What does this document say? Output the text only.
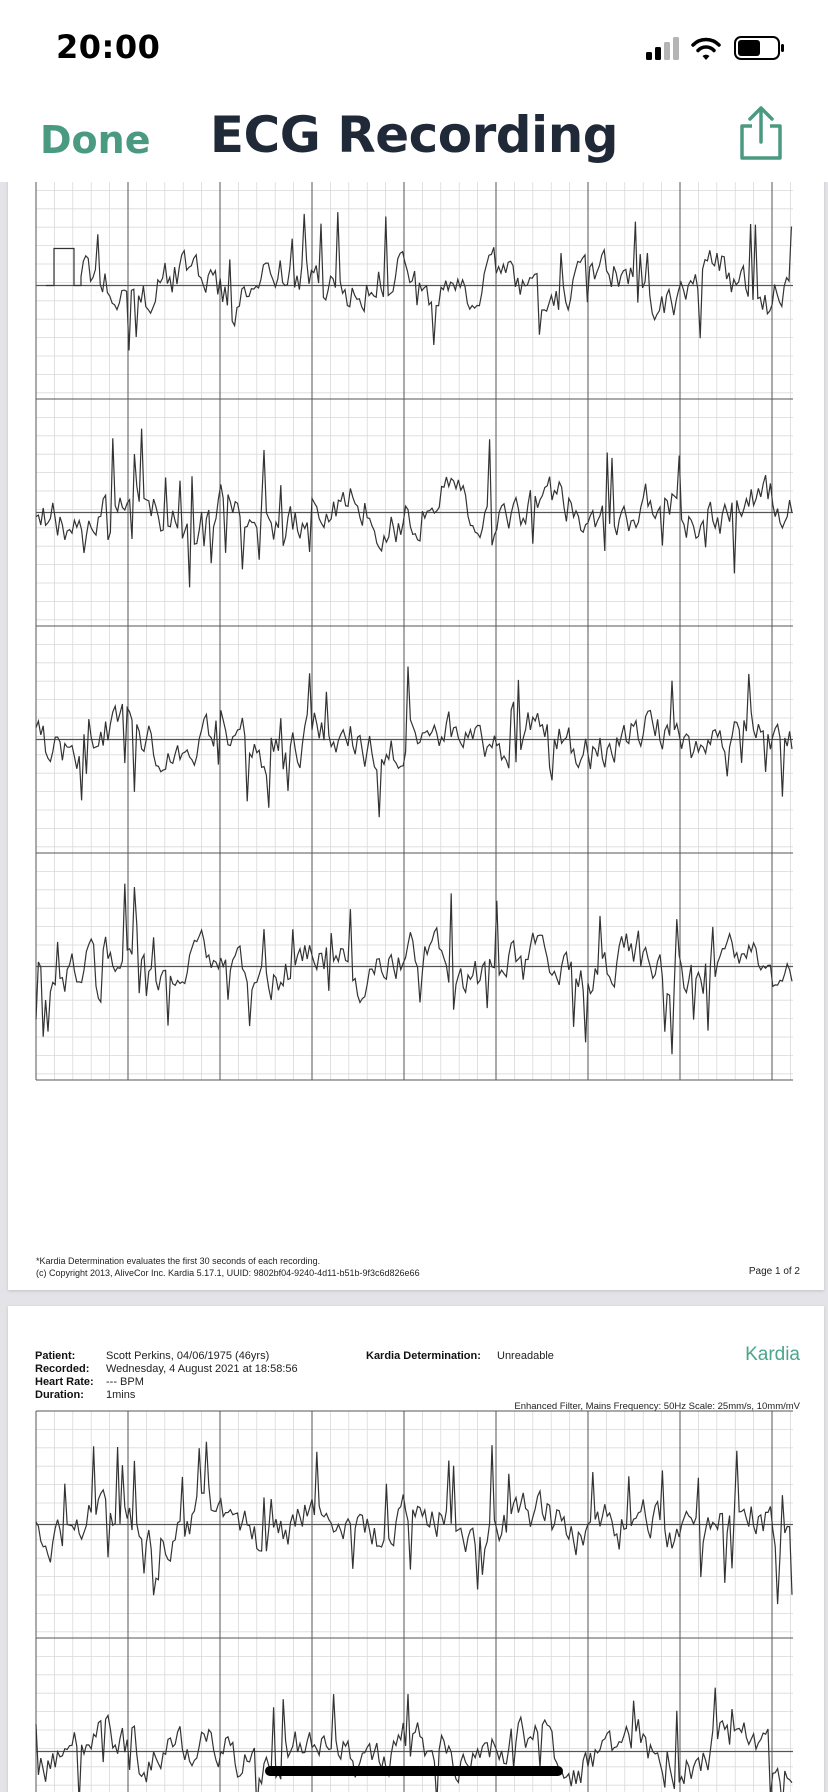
20:00
Done	ECG Recording
*Kardia Determination evaluates the first 30 seconds of each recording.
(c) Copyright 2013, AliveCor Inc. Kardia 5.17.1, UUID: 9802bf04-9240-4d11-b51b-9f3c6d826e66	Page 1 of 2
Patient:	Scott Perkins, 04/06/1975 (46yrs)
Recorded: Wednesday, 4 August 2021 at 18:58:56
Heart Rate: --- BPM
Duration: 1mins
Kardia Determination: Unreadable	Kardia
Enhanced Filter, Mains Frequency: 50Hz Scale: 25mm/s, 10mm/mV
